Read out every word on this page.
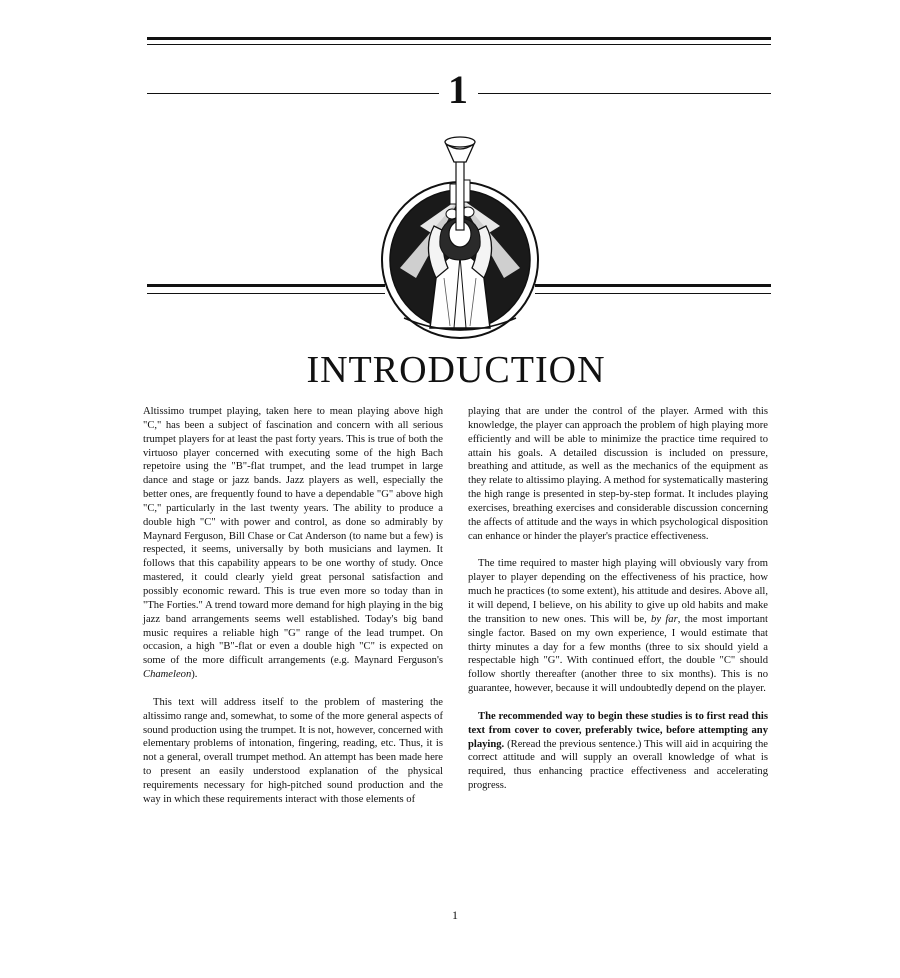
1
INTRODUCTION

Altissimo trumpet playing, taken here to mean playing above high "C," has been a subject of fascination and concern with all serious trumpet players for at least the past forty years. This is true of both the virtuoso player concerned with executing some of the high Bach repetoire using the "B"-flat trumpet, and the lead trumpet in large dance and stage or jazz bands. Jazz players as well, especially the better ones, are frequently found to have a dependable "G" above high "C," particularly in the last twenty years. The ability to produce a double high "C" with power and control, as done so admirably by Maynard Ferguson, Bill Chase or Cat Anderson (to name but a few) is respected, it seems, universally by both musicians and laymen. It follows that this capability appears to be one worthy of study. Once mastered, it could clearly yield great personal satisfaction and possibly economic reward. This is true even more so today than in "The Forties." A trend toward more demand for high playing in the big jazz band arrangements seems well established. Today's big band music requires a reliable high "G" range of the lead trumpet. On occasion, a high "B"-flat or even a double high "C" is expected on some of the more difficult arrangements (e.g. Maynard Ferguson's Chameleon).

This text will address itself to the problem of mastering the altissimo range and, somewhat, to some of the more general aspects of sound production using the trumpet. It is not, however, concerned with elementary problems of intonation, fingering, reading, etc. Thus, it is not a general, overall trumpet method. An attempt has been made here to present an easily understood explanation of the physical requirements necessary for high-pitched sound production and the way in which these requirements interact with those elements of

playing that are under the control of the player. Armed with this knowledge, the player can approach the problem of high playing more efficiently and will be able to minimize the practice time required to attain his goals. A detailed discussion is included on pressure, breathing and attitude, as well as the mechanics of the equipment as they relate to altissimo playing. A method for systematically mastering the high range is presented in step-by-step format. It includes playing exercises, breathing exercises and considerable discussion concerning the affects of attitude and the ways in which psychological disposition can enhance or hinder the player's practice effectiveness.

The time required to master high playing will obviously vary from player to player depending on the effectiveness of his practice, how much he practices (to some extent), his attitude and desires. Above all, it will depend, I believe, on his ability to give up old habits and make the transition to new ones. This will be, by far, the most important single factor. Based on my own experience, I would estimate that thirty minutes a day for a few months (three to six should yield a respectable high "G". With continued effort, the double "C" should follow shortly thereafter (another three to six months). This is no guarantee, however, because it will undoubtedly depend on the player.

The recommended way to begin these studies is to first read this text from cover to cover, preferably twice, before attempting any playing. (Reread the previous sentence.) This will aid in acquiring the correct attitude and will supply an overall knowledge of what is required, thus enhancing practice effectiveness and accelerating progress.

1
